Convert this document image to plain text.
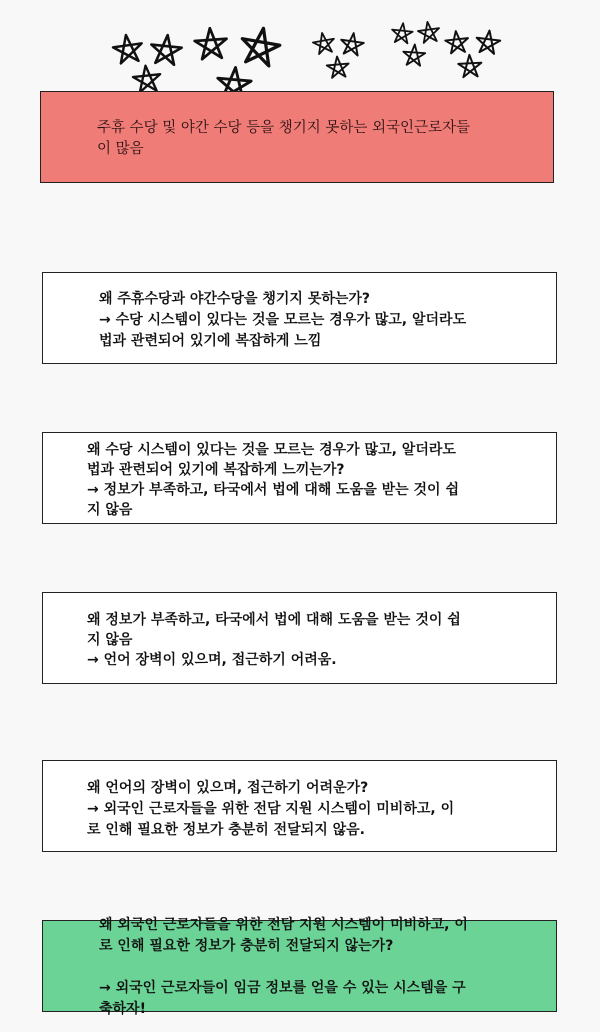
주휴 수당 및 야간 수당 등을 챙기지 못하는 외국인근로자들
이 많음

왜 주휴수당과 야간수당을 챙기지 못하는가?
→ 수당 시스템이 있다는 것을 모르는 경우가 많고, 알더라도
법과 관련되어 있기에 복잡하게 느낌

왜 수당 시스템이 있다는 것을 모르는 경우가 많고, 알더라도
법과 관련되어 있기에 복잡하게 느끼는가?
→ 정보가 부족하고, 타국에서 법에 대해 도움을 받는 것이 쉽
지 않음

왜 정보가 부족하고, 타국에서 법에 대해 도움을 받는 것이 쉽
지 않음
→ 언어 장벽이 있으며, 접근하기 어려움.

왜 언어의 장벽이 있으며, 접근하기 어려운가?
→ 외국인 근로자들을 위한 전담 지원 시스템이 미비하고, 이
로 인해 필요한 정보가 충분히 전달되지 않음.

왜 외국인 근로자들을 위한 전담 지원 시스템이 미비하고, 이
로 인해 필요한 정보가 충분히 전달되지 않는가?

→ 외국인 근로자들이 임금 정보를 얻을 수 있는 시스템을 구
축하자!
